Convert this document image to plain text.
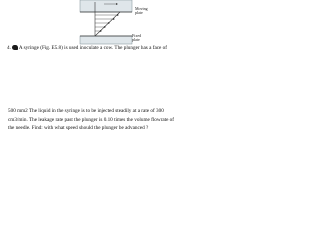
Moving
plate
Fixed
plate
4. A syringe (Fig. E5.8) is used inoculate a cow. The plunger has a face of
500 mm2 The liquid in the syringe is to be injected steadily at a rate of 300
cm3/min. The leakage rate past the plunger is 0.10 times the volume flowrate of
the needle. Find: with what speed should the plunger be advanced ?
